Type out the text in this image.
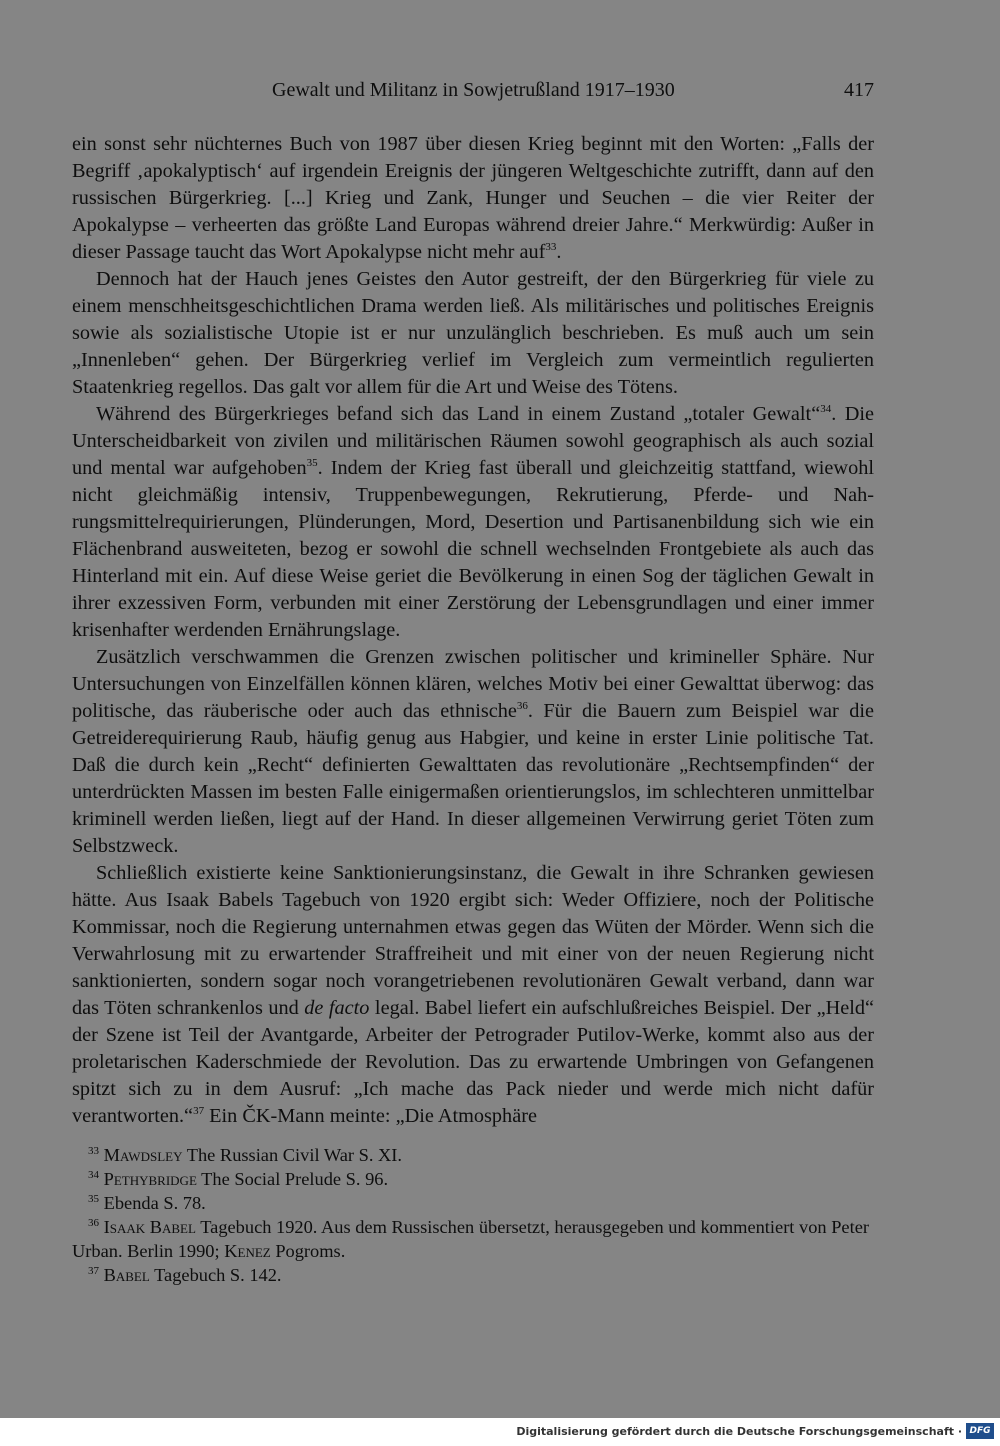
Gewalt und Militanz in Sowjetrußland 1917–1930	417

ein sonst sehr nüchternes Buch von 1987 über diesen Krieg beginnt mit den Worten: „Falls der Begriff ‚apokalyptisch‘ auf irgendein Ereignis der jüngeren Weltgeschichte zutrifft, dann auf den russischen Bürgerkrieg. [...] Krieg und Zank, Hunger und Seuchen – die vier Reiter der Apokalypse – verheerten das größte Land Europas während dreier Jahre.“ Merkwürdig: Außer in dieser Passage taucht das Wort Apokalypse nicht mehr auf$^{33}$.

Dennoch hat der Hauch jenes Geistes den Autor gestreift, der den Bürgerkrieg für viele zu einem menschheitsgeschichtlichen Drama werden ließ. Als militärisches und politisches Ereignis sowie als sozialistische Utopie ist er nur unzulänglich beschrieben. Es muß auch um sein „Innenleben“ gehen. Der Bürgerkrieg verlief im Vergleich zum vermeintlich regulierten Staatenkrieg regellos. Das galt vor allem für die Art und Weise des Tötens.

Während des Bürgerkrieges befand sich das Land in einem Zustand „totaler Gewalt“$^{34}$. Die Unterscheidbarkeit von zivilen und militärischen Räumen sowohl geographisch als auch sozial und mental war aufgehoben$^{35}$. Indem der Krieg fast überall und gleichzeitig stattfand, wiewohl nicht gleichmäßig intensiv, Truppenbewegungen, Rekrutierung, Pferde- und Nahrungsmittelrequirierungen, Plünderungen, Mord, Desertion und Partisanenbildung sich wie ein Flächenbrand ausweiteten, bezog er sowohl die schnell wechselnden Frontgebiete als auch das Hinterland mit ein. Auf diese Weise geriet die Bevölkerung in einen Sog der täglichen Gewalt in ihrer exzessiven Form, verbunden mit einer Zerstörung der Lebensgrundlagen und einer immer krisenhafter werdenden Ernährungslage.

Zusätzlich verschwammen die Grenzen zwischen politischer und krimineller Sphäre. Nur Untersuchungen von Einzelfällen können klären, welches Motiv bei einer Gewalttat überwog: das politische, das räuberische oder auch das ethnische$^{36}$. Für die Bauern zum Beispiel war die Getreiderequirierung Raub, häufig genug aus Habgier, und keine in erster Linie politische Tat. Daß die durch kein „Recht“ definierten Gewalttaten das revolutionäre „Rechtsempfinden“ der unterdrückten Massen im besten Falle einigermaßen orientierungslos, im schlechteren unmittelbar kriminell werden ließen, liegt auf der Hand. In dieser allgemeinen Verwirrung geriet Töten zum Selbstzweck.

Schließlich existierte keine Sanktionierungsinstanz, die Gewalt in ihre Schranken gewiesen hätte. Aus Isaak Babels Tagebuch von 1920 ergibt sich: Weder Offiziere, noch der Politische Kommissar, noch die Regierung unternahmen etwas gegen das Wüten der Mörder. Wenn sich die Verwahrlosung mit zu erwartender Straffreiheit und mit einer von der neuen Regierung nicht sanktionierten, sondern sogar noch vorangetriebenen revolutionären Gewalt verband, dann war das Töten schrankenlos und de facto legal. Babel liefert ein aufschlußreiches Beispiel. Der „Held“ der Szene ist Teil der Avantgarde, Arbeiter der Petrograder Putilov-Werke, kommt also aus der proletarischen Kaderschmiede der Revolution. Das zu erwartende Umbringen von Gefangenen spitzt sich zu in dem Ausruf: „Ich mache das Pack nieder und werde mich nicht dafür verantworten.“$^{37}$ Ein ČK-Mann meinte: „Die Atmosphäre

$^{33}$ Mawdsley The Russian Civil War S. XI.

$^{34}$ Pethybridge The Social Prelude S. 96.

$^{35}$ Ebenda S. 78.

$^{36}$ Isaak Babel Tagebuch 1920. Aus dem Russischen übersetzt, herausgegeben und kommentiert von Peter Urban. Berlin 1990; Kenez Pogroms.

$^{37}$ Babel Tagebuch S. 142.

Digitalisierung gefördert durch die Deutsche Forschungsgemeinschaft · DFG
